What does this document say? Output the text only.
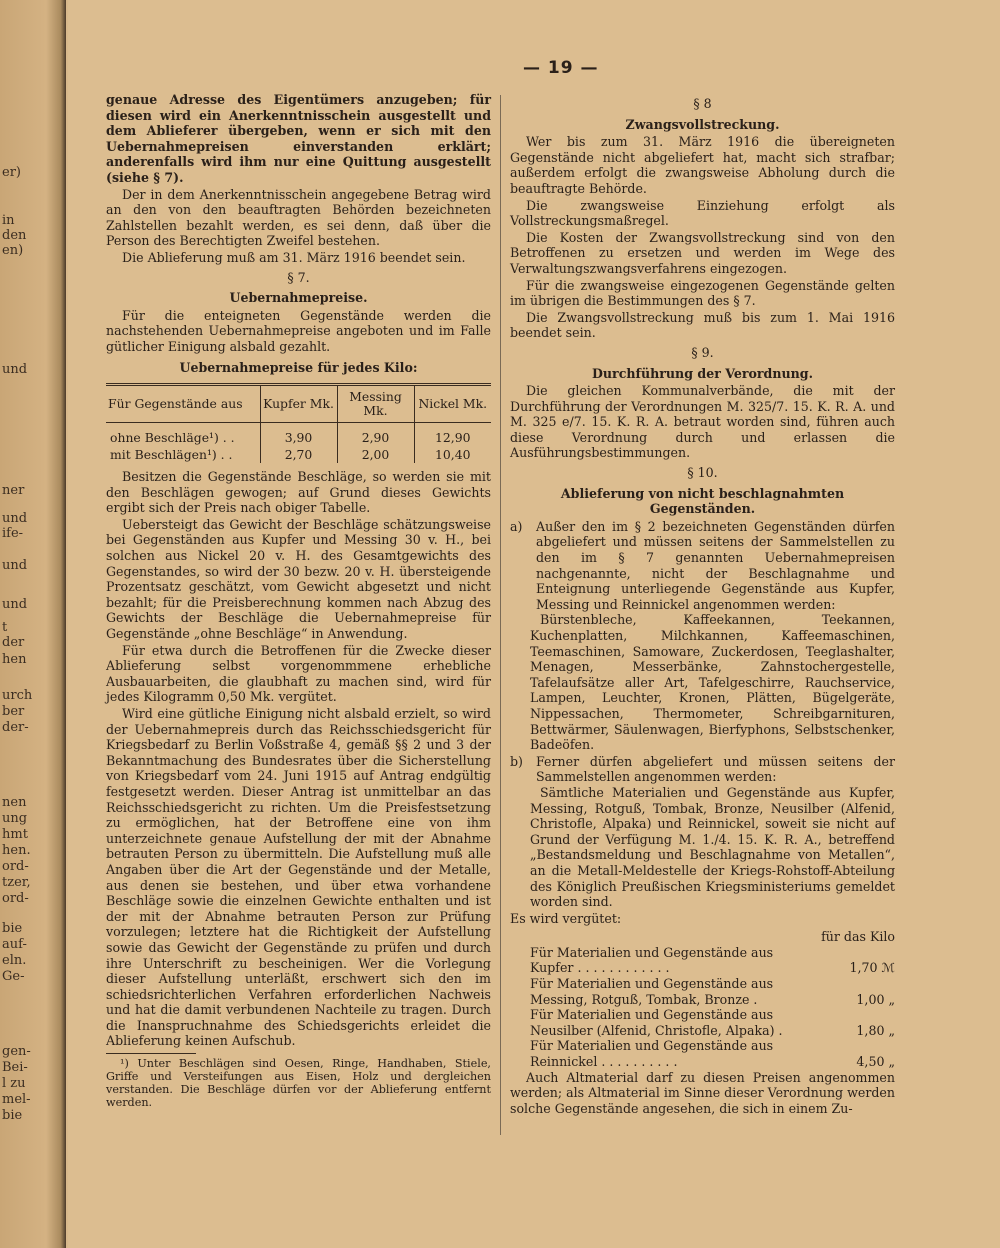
er)
in
den
en)
und
ner
und
ife-
und
und
t
der
hen
urch
ber
der-
nen
ung
hmt
hen.
ord-
tzer,
ord-
bie
auf-
eln.
Ge-
gen-
Bei-
l zu
mel-
bie
— 19 —

genaue Adresse des Eigentümers anzugeben; für diesen wird ein Anerkenntnisschein ausgestellt und dem Ablieferer übergeben, wenn er sich mit den Uebernahmepreisen einverstanden erklärt; anderenfalls wird ihm nur eine Quittung ausgestellt (siehe § 7).

Der in dem Anerkenntnisschein angegebene Betrag wird an den von den beauftragten Behörden bezeichneten Zahlstellen bezahlt werden, es sei denn, daß über die Person des Berechtigten Zweifel bestehen.

Die Ablieferung muß am 31. März 1916 beendet sein.

§ 7.
Uebernahmepreise.

Für die enteigneten Gegenstände werden die nachstehenden Uebernahmepreise angeboten und im Falle gütlicher Einigung alsbald gezahlt.

Uebernahmepreise für jedes Kilo:
Für Gegenstände aus	Kupfer Mk.	Messing Mk.	Nickel Mk.
ohne Beschläge¹) . .	3,90	2,90	12,90
mit Beschlägen¹) . .	2,70	2,00	10,40

Besitzen die Gegenstände Beschläge, so werden sie mit den Beschlägen gewogen; auf Grund dieses Gewichts ergibt sich der Preis nach obiger Tabelle.

Uebersteigt das Gewicht der Beschläge schätzungsweise bei Gegenständen aus Kupfer und Messing 30 v. H., bei solchen aus Nickel 20 v. H. des Gesamtgewichts des Gegenstandes, so wird der 30 bezw. 20 v. H. übersteigende Prozentsatz geschätzt, vom Gewicht abgesetzt und nicht bezahlt; für die Preisberechnung kommen nach Abzug des Gewichts der Beschläge die Uebernahmepreise für Gegenstände „ohne Beschläge“ in Anwendung.

Für etwa durch die Betroffenen für die Zwecke dieser Ablieferung selbst vorgenommmene erhebliche Ausbauarbeiten, die glaubhaft zu machen sind, wird für jedes Kilogramm 0,50 Mk. vergütet.

Wird eine gütliche Einigung nicht alsbald erzielt, so wird der Uebernahmepreis durch das Reichsschiedsgericht für Kriegsbedarf zu Berlin Voßstraße 4, gemäß §§ 2 und 3 der Bekanntmachung des Bundesrates über die Sicherstellung von Kriegsbedarf vom 24. Juni 1915 auf Antrag endgültig festgesetzt werden. Dieser Antrag ist unmittelbar an das Reichsschiedsgericht zu richten. Um die Preisfestsetzung zu ermöglichen, hat der Betroffene eine von ihm unterzeichnete genaue Aufstellung der mit der Abnahme betrauten Person zu übermitteln. Die Aufstellung muß alle Angaben über die Art der Gegenstände und der Metalle, aus denen sie bestehen, und über etwa vorhandene Beschläge sowie die einzelnen Gewichte enthalten und ist der mit der Abnahme betrauten Person zur Prüfung vorzulegen; letztere hat die Richtigkeit der Aufstellung sowie das Gewicht der Gegenstände zu prüfen und durch ihre Unterschrift zu bescheinigen. Wer die Vorlegung dieser Aufstellung unterläßt, erschwert sich den im schiedsrichterlichen Verfahren erforderlichen Nachweis und hat die damit verbundenen Nachteile zu tragen. Durch die Inanspruchnahme des Schiedsgerichts erleidet die Ablieferung keinen Aufschub.

¹) Unter Beschlägen sind Oesen, Ringe, Handhaben, Stiele, Griffe und Versteifungen aus Eisen, Holz und dergleichen verstanden. Die Beschläge dürfen vor der Ablieferung entfernt werden.

§ 8
Zwangsvollstreckung.

Wer bis zum 31. März 1916 die übereigneten Gegenstände nicht abgeliefert hat, macht sich strafbar; außerdem erfolgt die zwangsweise Abholung durch die beauftragte Behörde.

Die zwangsweise Einziehung erfolgt als Vollstreckungsmaßregel.

Die Kosten der Zwangsvollstreckung sind von den Betroffenen zu ersetzen und werden im Wege des Verwaltungszwangsverfahrens eingezogen.

Für die zwangsweise eingezogenen Gegenstände gelten im übrigen die Bestimmungen des § 7.

Die Zwangsvollstreckung muß bis zum 1. Mai 1916 beendet sein.

§ 9.
Durchführung der Verordnung.

Die gleichen Kommunalverbände, die mit der Durchführung der Verordnungen M. 325/7. 15. K. R. A. und M. 325 e/7. 15. K. R. A. betraut worden sind, führen auch diese Verordnung durch und erlassen die Ausführungsbestimmungen.

§ 10.
Ablieferung von nicht beschlagnahmten Gegenständen.
a)	Außer den im § 2 bezeichneten Gegenständen dürfen abgeliefert und müssen seitens der Sammelstellen zu den im § 7 genannten Uebernahmepreisen nachgenannte, nicht der Beschlagnahme und Enteignung unterliegende Gegenstände aus Kupfer, Messing und Reinnickel angenommen werden:

Bürstenbleche, Kaffeekannen, Teekannen, Kuchenplatten, Milchkannen, Kaffeemaschinen, Teemaschinen, Samoware, Zuckerdosen, Teeglashalter, Menagen, Messerbänke, Zahnstochergestelle, Tafelaufsätze aller Art, Tafelgeschirre, Rauchservice, Lampen, Leuchter, Kronen, Plätten, Bügelgeräte, Nippessachen, Thermometer, Schreibgarnituren, Bettwärmer, Säulenwagen, Bierfyphons, Selbstschenker, Badeöfen.

b)	Ferner dürfen abgeliefert und müssen seitens der Sammelstellen angenommen werden:

Sämtliche Materialien und Gegenstände aus Kupfer, Messing, Rotguß, Tombak, Bronze, Neusilber (Alfenid, Christofle, Alpaka) und Reinnickel, soweit sie nicht auf Grund der Verfügung M. 1./4. 15. K. R. A., betreffend „Bestandsmeldung und Beschlagnahme von Metallen“, an die Metall-Meldestelle der Kriegs-Rohstoff-Abteilung des Königlich Preußischen Kriegsministeriums gemeldet worden sind.

Es wird vergütet:

für das Kilo
Für Materialien und Gegenstände aus
Kupfer . . . . . . . . . . . .	1,70 ℳ
Für Materialien und Gegenstände aus
Messing, Rotguß, Tombak, Bronze .	1,00 „
Für Materialien und Gegenstände aus
Neusilber (Alfenid, Christofle, Alpaka) .	1,80 „
Für Materialien und Gegenstände aus
Reinnickel . . . . . . . . . .	4,50 „

Auch Altmaterial darf zu diesen Preisen angenommen werden; als Altmaterial im Sinne dieser Verordnung werden solche Gegenstände angesehen, die sich in einem Zu-
